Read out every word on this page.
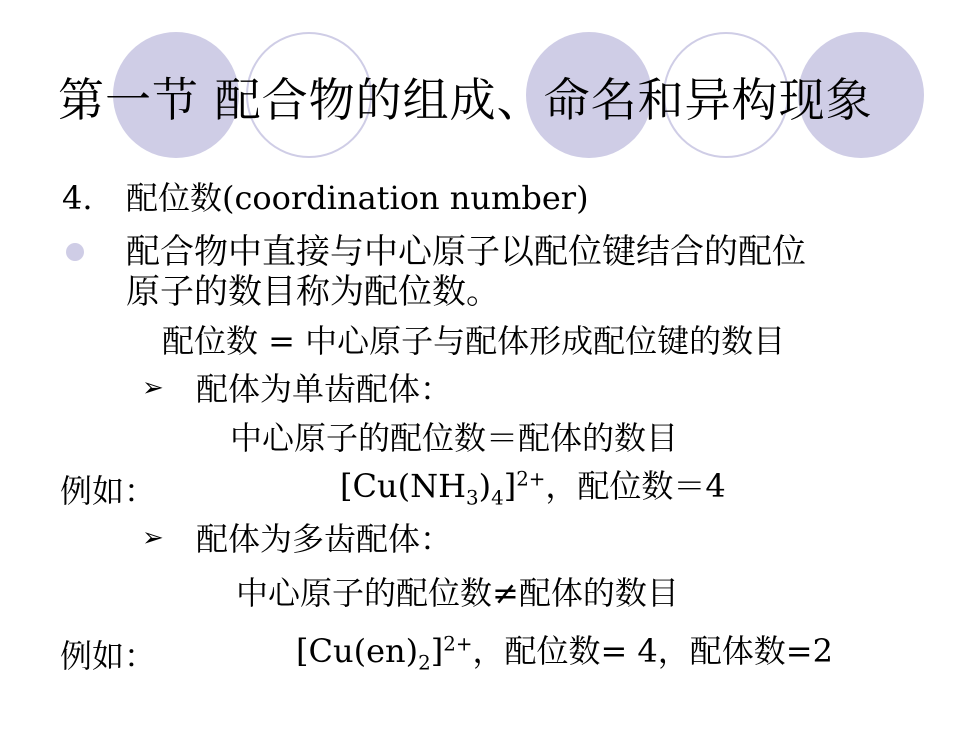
第一节 配合物的组成、命名和异构现象
4. 配位数(coordination number)
配合物中直接与中心原子以配位键结合的配位
原子的数目称为配位数。
配位数 = 中心原子与配体形成配位键的数目
➢ 配体为单齿配体：
中心原子的配位数＝配体的数目
例如：	$[Cu(NH_3)_4]^{2+}$，配位数＝4
➢ 配体为多齿配体：
中心原子的配位数≠配体的数目
例如：	$[Cu(en)_2]^{2+}$，配位数= 4，配体数=2
